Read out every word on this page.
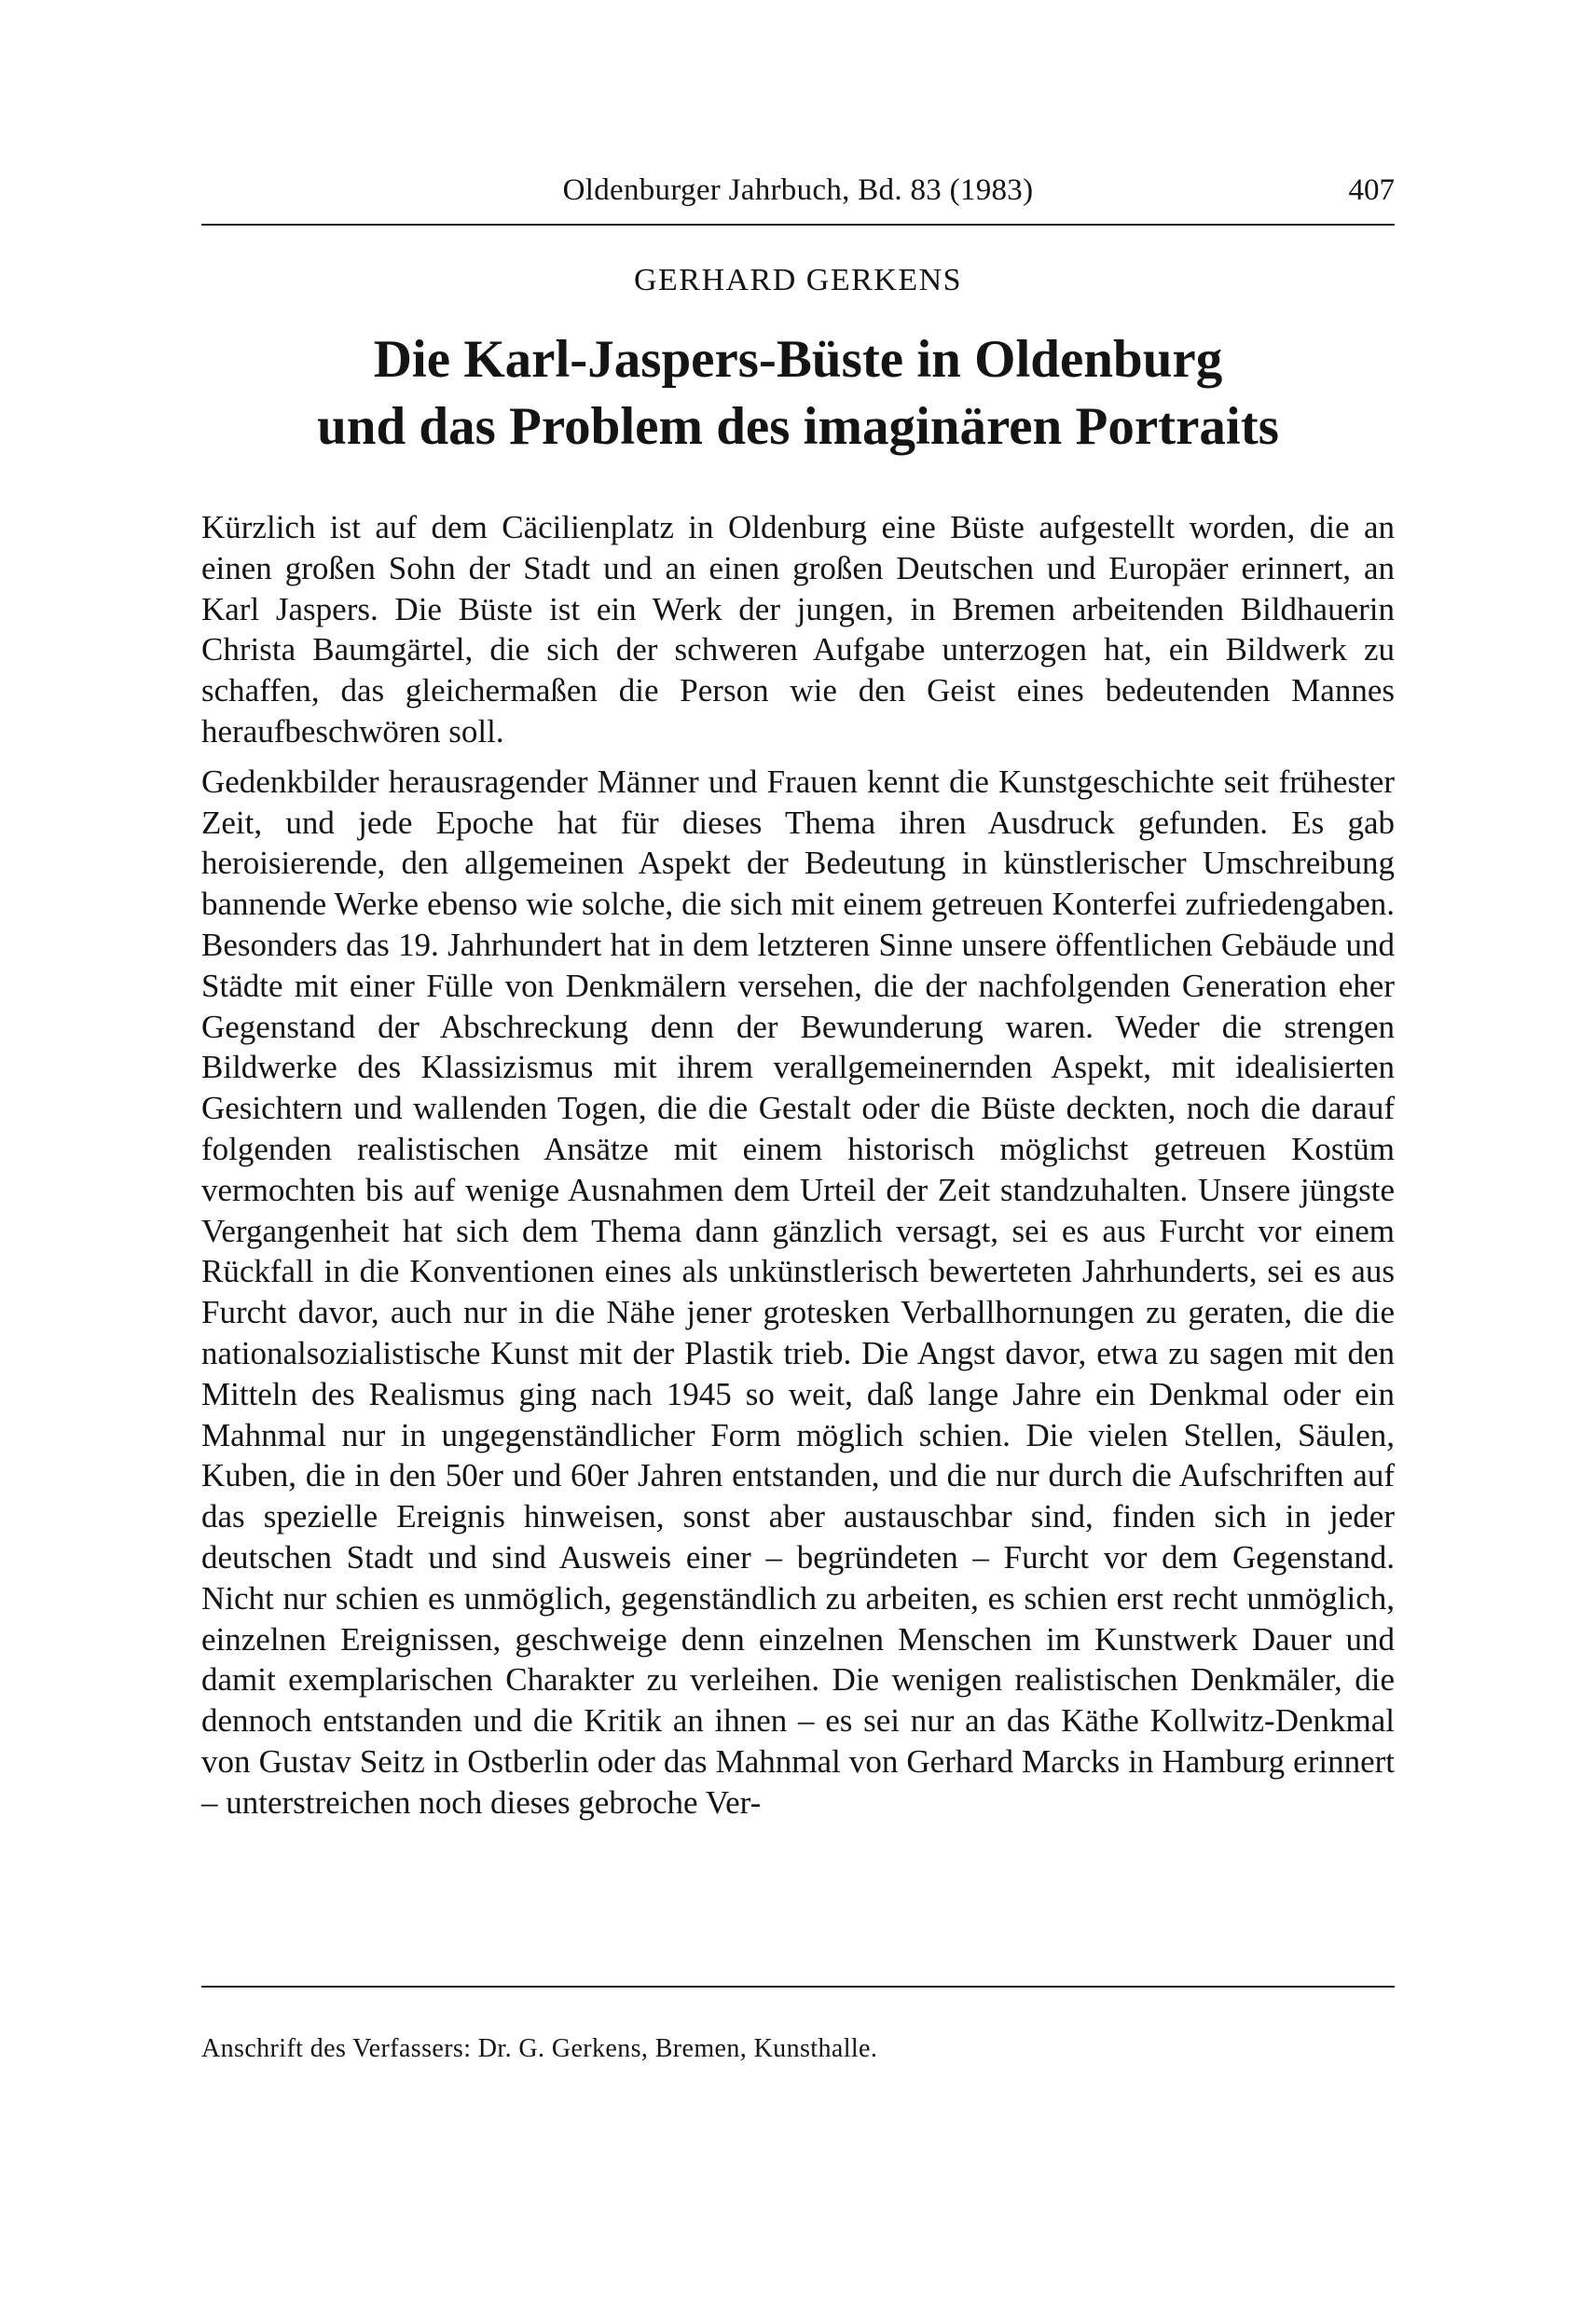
Oldenburger Jahrbuch, Bd. 83 (1983)	407
GERHARD GERKENS
Die Karl-Jaspers-Büste in Oldenburg
und das Problem des imaginären Portraits

Kürzlich ist auf dem Cäcilienplatz in Oldenburg eine Büste aufgestellt worden, die an einen großen Sohn der Stadt und an einen großen Deutschen und Europäer erinnert, an Karl Jaspers. Die Büste ist ein Werk der jungen, in Bremen arbeitenden Bildhauerin Christa Baumgärtel, die sich der schweren Aufgabe unterzogen hat, ein Bildwerk zu schaffen, das gleichermaßen die Person wie den Geist eines bedeutenden Mannes heraufbeschwören soll.

Gedenkbilder herausragender Männer und Frauen kennt die Kunstgeschichte seit frühester Zeit, und jede Epoche hat für dieses Thema ihren Ausdruck gefunden. Es gab heroisierende, den allgemeinen Aspekt der Bedeutung in künstlerischer Umschreibung bannende Werke ebenso wie solche, die sich mit einem getreuen Konterfei zufriedengaben. Besonders das 19. Jahrhundert hat in dem letzteren Sinne unsere öffentlichen Gebäude und Städte mit einer Fülle von Denkmälern versehen, die der nachfolgenden Generation eher Gegenstand der Abschreckung denn der Bewunderung waren. Weder die strengen Bildwerke des Klassizismus mit ihrem verallgemeinernden Aspekt, mit idealisierten Gesichtern und wallenden Togen, die die Gestalt oder die Büste deckten, noch die darauf folgenden realistischen Ansätze mit einem historisch möglichst getreuen Kostüm vermochten bis auf wenige Ausnahmen dem Urteil der Zeit standzuhalten. Unsere jüngste Vergangenheit hat sich dem Thema dann gänzlich versagt, sei es aus Furcht vor einem Rückfall in die Konventionen eines als unkünstlerisch bewerteten Jahrhunderts, sei es aus Furcht davor, auch nur in die Nähe jener grotesken Verballhornungen zu geraten, die die nationalsozialistische Kunst mit der Plastik trieb. Die Angst davor, etwa zu sagen mit den Mitteln des Realismus ging nach 1945 so weit, daß lange Jahre ein Denkmal oder ein Mahnmal nur in ungegenständlicher Form möglich schien. Die vielen Stellen, Säulen, Kuben, die in den 50er und 60er Jahren entstanden, und die nur durch die Aufschriften auf das spezielle Ereignis hinweisen, sonst aber austauschbar sind, finden sich in jeder deutschen Stadt und sind Ausweis einer – begründeten – Furcht vor dem Gegenstand. Nicht nur schien es unmöglich, gegenständlich zu arbeiten, es schien erst recht unmöglich, einzelnen Ereignissen, geschweige denn einzelnen Menschen im Kunstwerk Dauer und damit exemplarischen Charakter zu verleihen. Die wenigen realistischen Denkmäler, die dennoch entstanden und die Kritik an ihnen – es sei nur an das Käthe Kollwitz-Denkmal von Gustav Seitz in Ostberlin oder das Mahnmal von Gerhard Marcks in Hamburg erinnert – unterstreichen noch dieses gebroche Ver-

Anschrift des Verfassers: Dr. G. Gerkens, Bremen, Kunsthalle.
